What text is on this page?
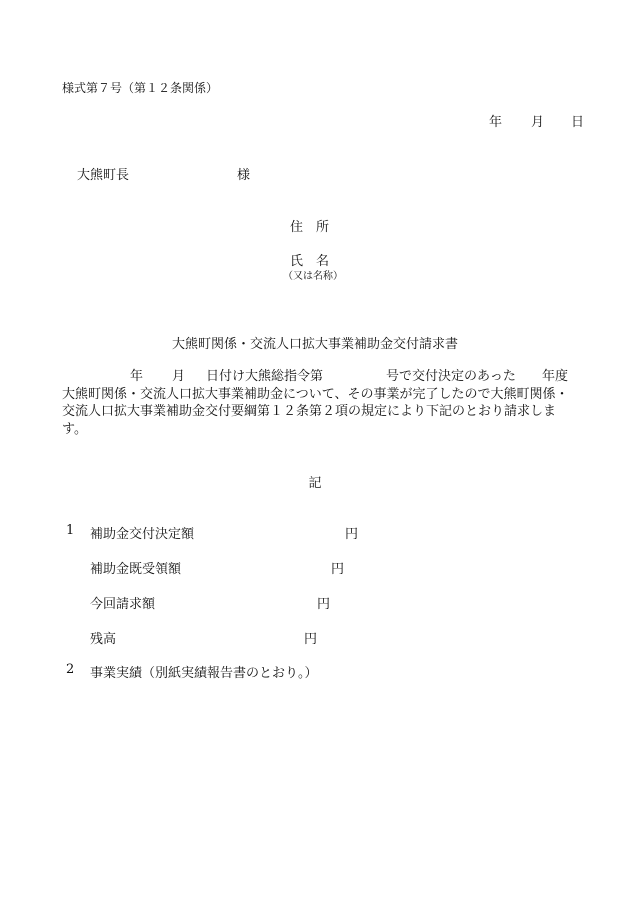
様式第７号（第１２条関係）
年 月 日
大熊町長	様
住　所
氏　名
（又は名称）
大熊町関係・交流人口拡大事業補助金交付請求書
年 月 日付け大熊総指令第	号で交付決定のあった 年度
大熊町関係・交流人口拡大事業補助金について、その事業が完了したので大熊町関係・
交流人口拡大事業補助金交付要綱第１２条第２項の規定により下記のとおり請求しま
す。
記
1 補助金交付決定額	円
補助金既受領額	円
今回請求額	円
残高	円
2 事業実績（別紙実績報告書のとおり。）
